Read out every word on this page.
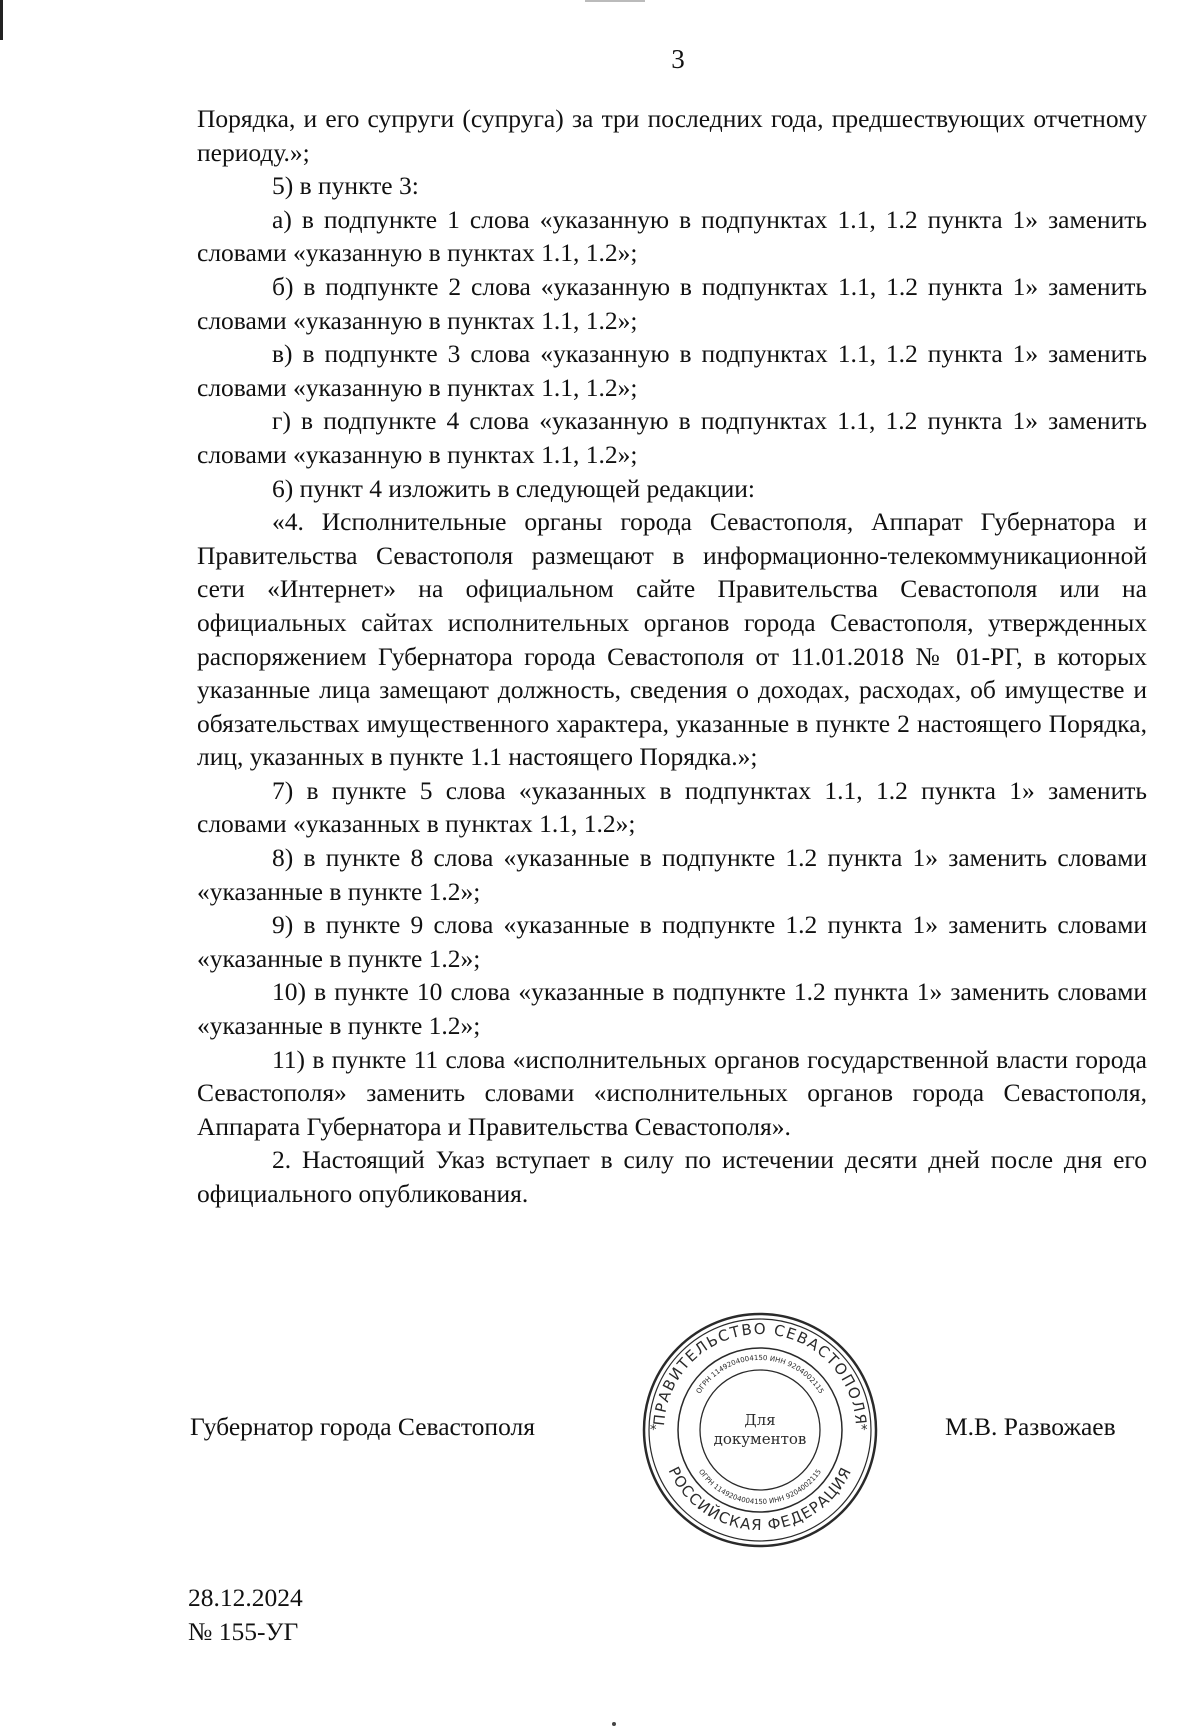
3

Порядка, и его супруги (супруга) за три последних года, предшествующих отчетному периоду.»;

5) в пункте 3:

а) в подпункте 1 слова «указанную в подпунктах 1.1, 1.2 пункта 1» заменить словами «указанную в пунктах 1.1, 1.2»;

б) в подпункте 2 слова «указанную в подпунктах 1.1, 1.2 пункта 1» заменить словами «указанную в пунктах 1.1, 1.2»;

в) в подпункте 3 слова «указанную в подпунктах 1.1, 1.2 пункта 1» заменить словами «указанную в пунктах 1.1, 1.2»;

г) в подпункте 4 слова «указанную в подпунктах 1.1, 1.2 пункта 1» заменить словами «указанную в пунктах 1.1, 1.2»;

6) пункт 4 изложить в следующей редакции:

«4. Исполнительные органы города Севастополя, Аппарат Губернатора и Правительства Севастополя размещают в информационно-телекоммуникационной сети «Интернет» на официальном сайте Правительства Севастополя или на официальных сайтах исполнительных органов города Севастополя, утвержденных распоряжением Губернатора города Севастополя от 11.01.2018 № 01-РГ, в которых указанные лица замещают должность, сведения о доходах, расходах, об имуществе и обязательствах имущественного характера, указанные в пункте 2 настоящего Порядка, лиц, указанных в пункте 1.1 настоящего Порядка.»;

7) в пункте 5 слова «указанных в подпунктах 1.1, 1.2 пункта 1» заменить словами «указанных в пунктах 1.1, 1.2»;

8) в пункте 8 слова «указанные в подпункте 1.2 пункта 1» заменить словами «указанные в пункте 1.2»;

9) в пункте 9 слова «указанные в подпункте 1.2 пункта 1» заменить словами «указанные в пункте 1.2»;

10) в пункте 10 слова «указанные в подпункте 1.2 пункта 1» заменить словами «указанные в пункте 1.2»;

11) в пункте 11 слова «исполнительных органов государственной власти города Севастополя» заменить словами «исполнительных органов города Севастополя, Аппарата Губернатора и Правительства Севастополя».

2. Настоящий Указ вступает в силу по истечении десяти дней после дня его официального опубликования.

Губернатор города Севастополя	М.В. Развожаев
ПРАВИТЕЛЬСТВО СЕВАСТОПОЛЯ
РОССИЙСКАЯ ФЕДЕРАЦИЯ
ОГРН 1149204004150 ИНН 9204002115
ОГРН 1149204004150 ИНН 9204002115
*	*
Для
документов
28.12.2024
№ 155-УГ
